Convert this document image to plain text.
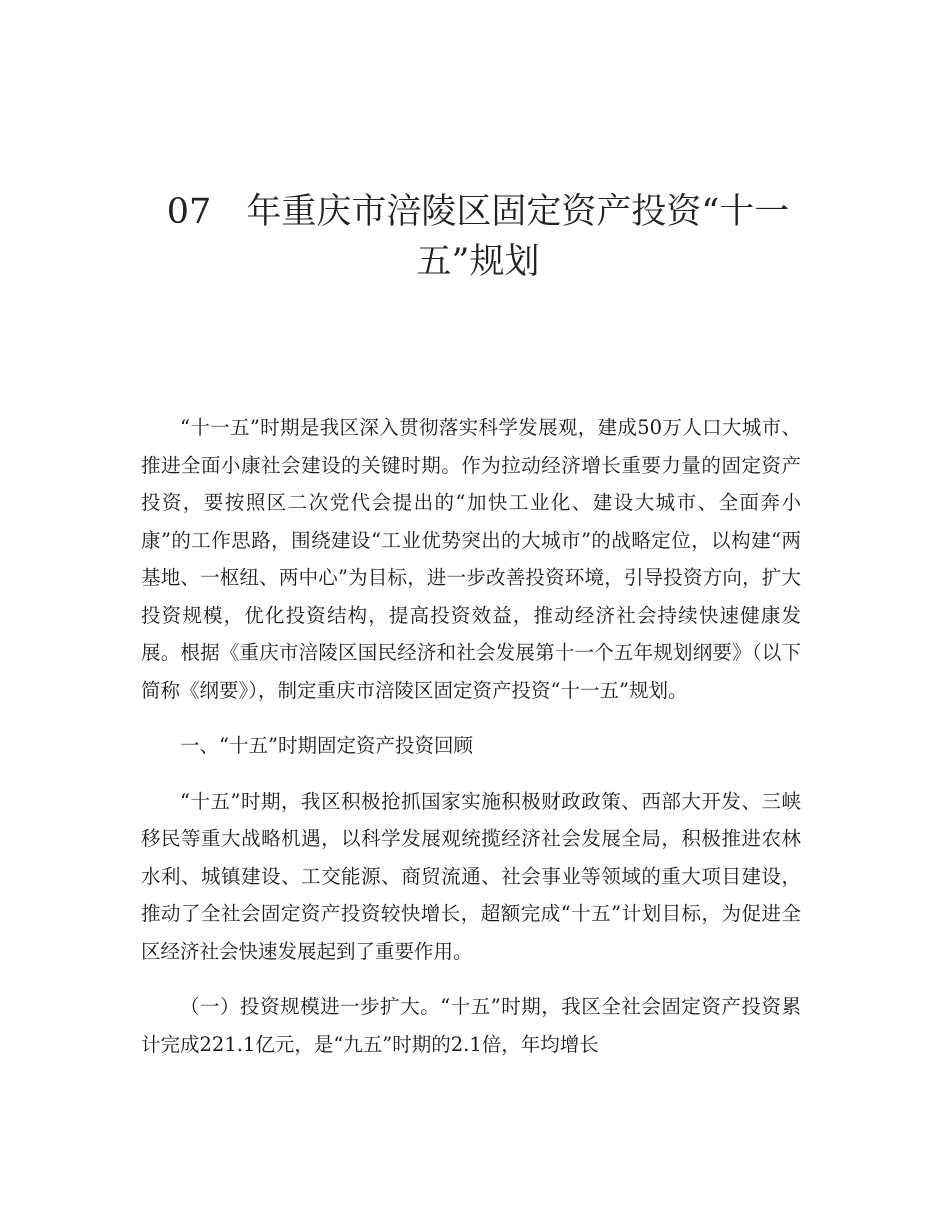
07　年重庆市涪陵区固定资产投资“十一五”规划

“十一五”时期是我区深入贯彻落实科学发展观，建成50万人口大城市、推进全面小康社会建设的关键时期。作为拉动经济增长重要力量的固定资产投资，要按照区二次党代会提出的“加快工业化、建设大城市、全面奔小康”的工作思路，围绕建设“工业优势突出的大城市”的战略定位，以构建“两基地、一枢纽、两中心”为目标，进一步改善投资环境，引导投资方向，扩大投资规模，优化投资结构，提高投资效益，推动经济社会持续快速健康发展。根据《重庆市涪陵区国民经济和社会发展第十一个五年规划纲要》（以下简称《纲要》），制定重庆市涪陵区固定资产投资“十一五”规划。

一、“十五”时期固定资产投资回顾

“十五”时期，我区积极抢抓国家实施积极财政政策、西部大开发、三峡移民等重大战略机遇，以科学发展观统揽经济社会发展全局，积极推进农林水利、城镇建设、工交能源、商贸流通、社会事业等领域的重大项目建设，推动了全社会固定资产投资较快增长，超额完成“十五”计划目标，为促进全区经济社会快速发展起到了重要作用。

（一）投资规模进一步扩大。“十五”时期，我区全社会固定资产投资累计完成221.1亿元，是“九五”时期的2.1倍，年均增长
